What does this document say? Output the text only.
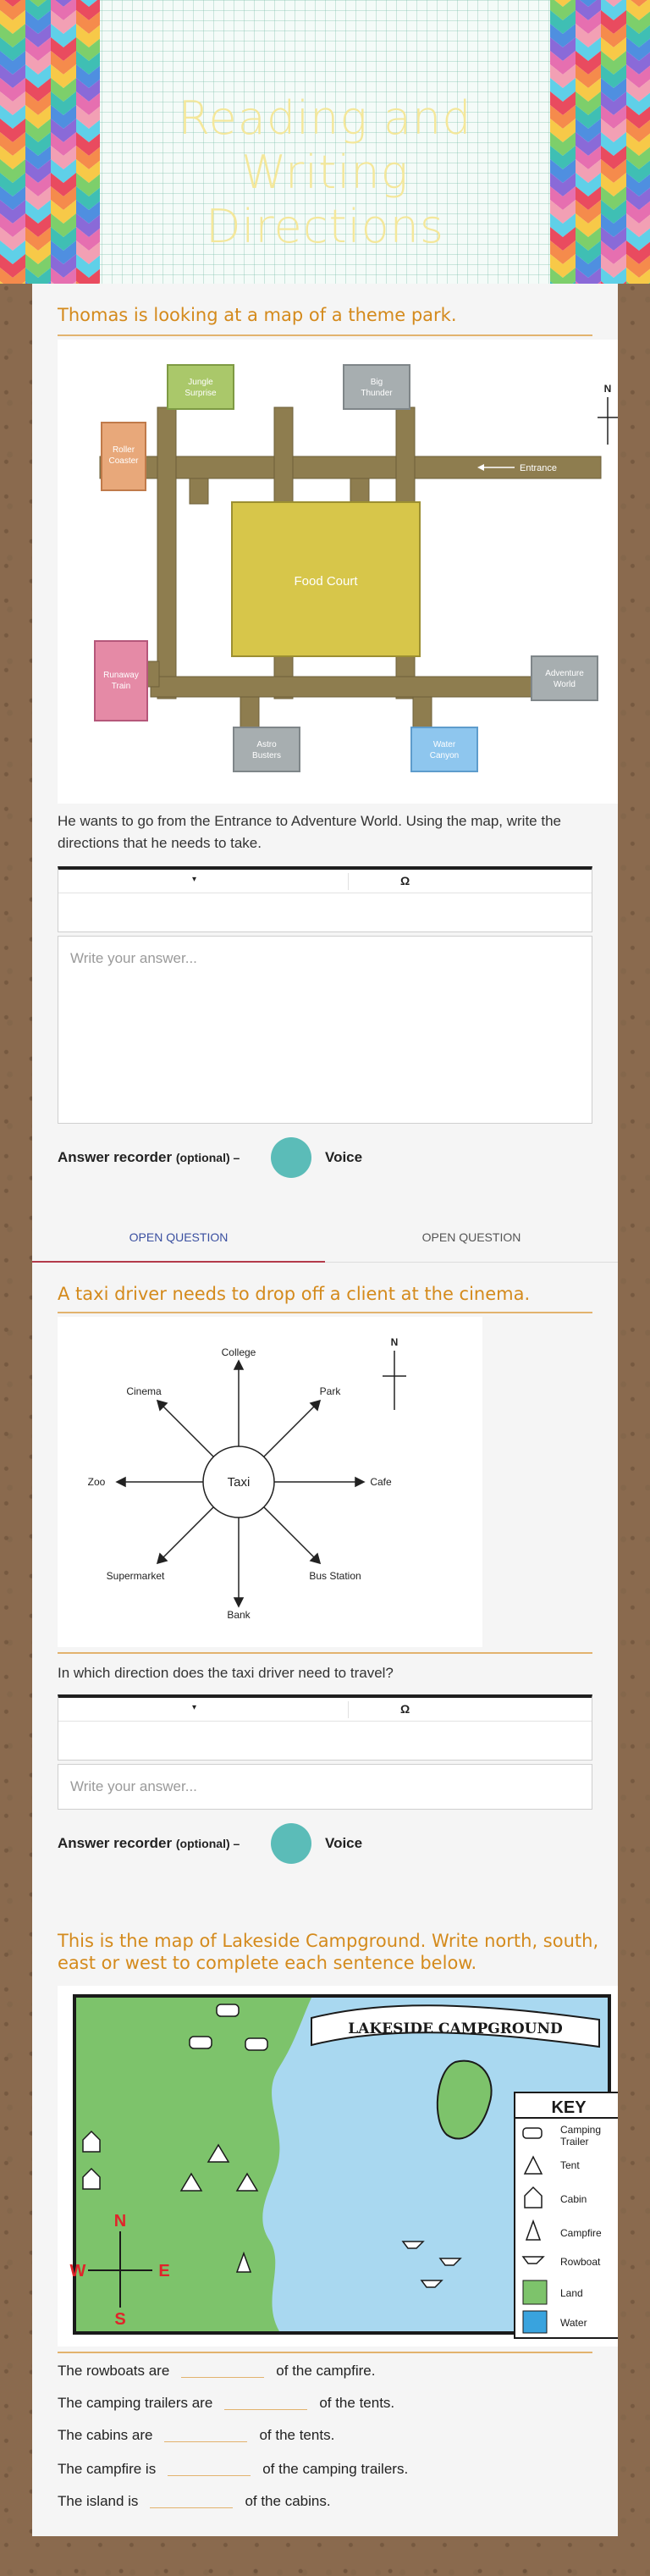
Reading and Writing
Directions
Thomas is looking at a map of a theme park.
Food Court
Jungle
Surprise
Big
Thunder
Roller
Coaster
Runaway
Train
Adventure
World
Astro
Busters
Water
Canyon
Entrance
N
He wants to go from the Entrance to Adventure World. Using the map, write the directions that he needs to take.
▾	Ω
Write your answer...
Answer recorder (optional) –	Voice
OPEN QUESTION	OPEN QUESTION
A taxi driver needs to drop off a client at the cinema.
Taxi
College
Cinema	Park
Zoo	Cafe
Supermarket	Bus Station
Bank
N
In which direction does the taxi driver need to travel?
▾	Ω
Write your answer...
Answer recorder (optional) –	Voice
This is the map of Lakeside Campground. Write north, south,
east or west to complete each sentence below.
LAKESIDE CAMPGROUND
KEY
Camping
Trailer
Tent
Cabin
Campfire
Rowboat
Land
Water
N
S
E
W
The rowboats are	of the campfire.
The camping trailers are	of the tents.
The cabins are	of the tents.
The campfire is	of the camping trailers.
The island is	of the cabins.
